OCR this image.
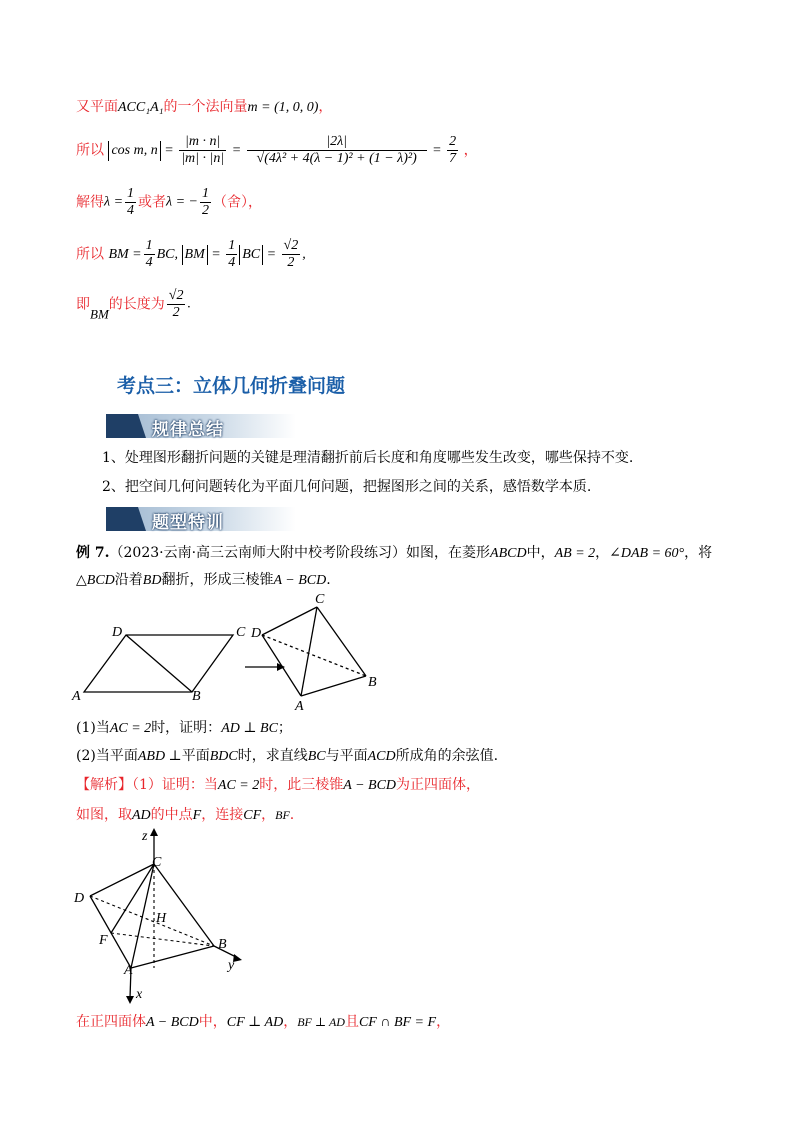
又平面ACC₁A₁的一个法向量m = (1, 0, 0)，
所以 cos m, $n = \frac{|m \cdot n|}{|m| \cdot |n|} = \frac{|2\lambda|}{\text{√(4λ² + 4(λ − 1)² + (1 − λ)²)}} = \frac{2}{7}$ ，
解得$\lambda = \frac{1}{4}$ 或者λ = − $\frac{1}{2}$ （舍），
所以 BM = $\frac{1}{4}$ BC, BM = $\frac{1}{4}$ BC = $\frac{√2}{2}$ ,
即BM的长度为 $\frac{√2}{2}$ .
考点三：立体几何折叠问题
规律总结
1、处理图形翻折问题的关键是理清翻折前后长度和角度哪些发生改变，哪些保持不变.
2、把空间几何问题转化为平面几何问题，把握图形之间的关系，感悟数学本质.
题型特训
例 7.（2023·云南·高三云南师大附中校考阶段练习）如图，在菱形ABCD中，AB = 2，∠DAB = 60°，将
△BCD沿着BD翻折，形成三棱锥A − BCD.
D	C
A	B
C
D
B
A
(1)当AC = 2时，证明：AD ⊥ BC；
(2)当平面ABD ⊥平面BDC时，求直线BC与平面ACD所成角的余弦值.
【解析】（1）证明：当AC = 2时，此三棱锥A − BCD为正四面体，
如图，取AD的中点F，连接CF，BF.
z
C
D
H
F	B
y
A
x
在正四面体A − BCD中，CF ⊥ AD，BF ⊥ AD且CF ∩ BF = F，
